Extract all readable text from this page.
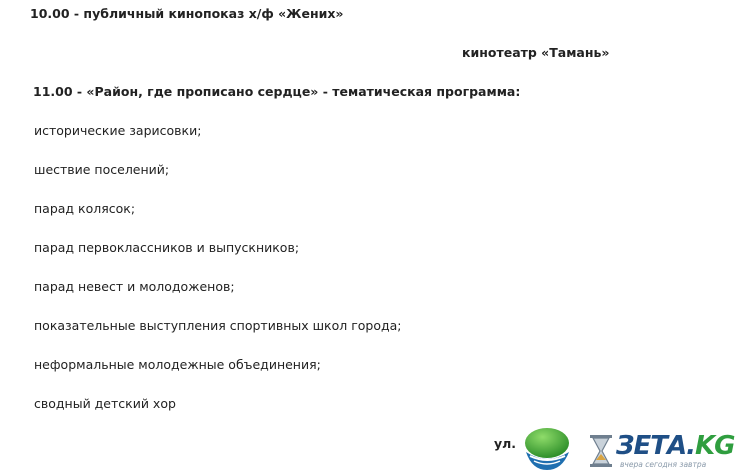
10.00 - публичный кинопоказ х/ф «Жених»
кинотеатр «Тамань»
11.00 - «Район, где прописано сердце» - тематическая программа:
исторические зарисовки;
шествие поселений;
парад колясок;
парад первоклассников и выпускников;
парад невест и молодоженов;
показательные выступления спортивных школ города;
неформальные молодежные объединения;
сводный детский хор
ул.	ЗЕТА.KG
вчера сегодня завтра
